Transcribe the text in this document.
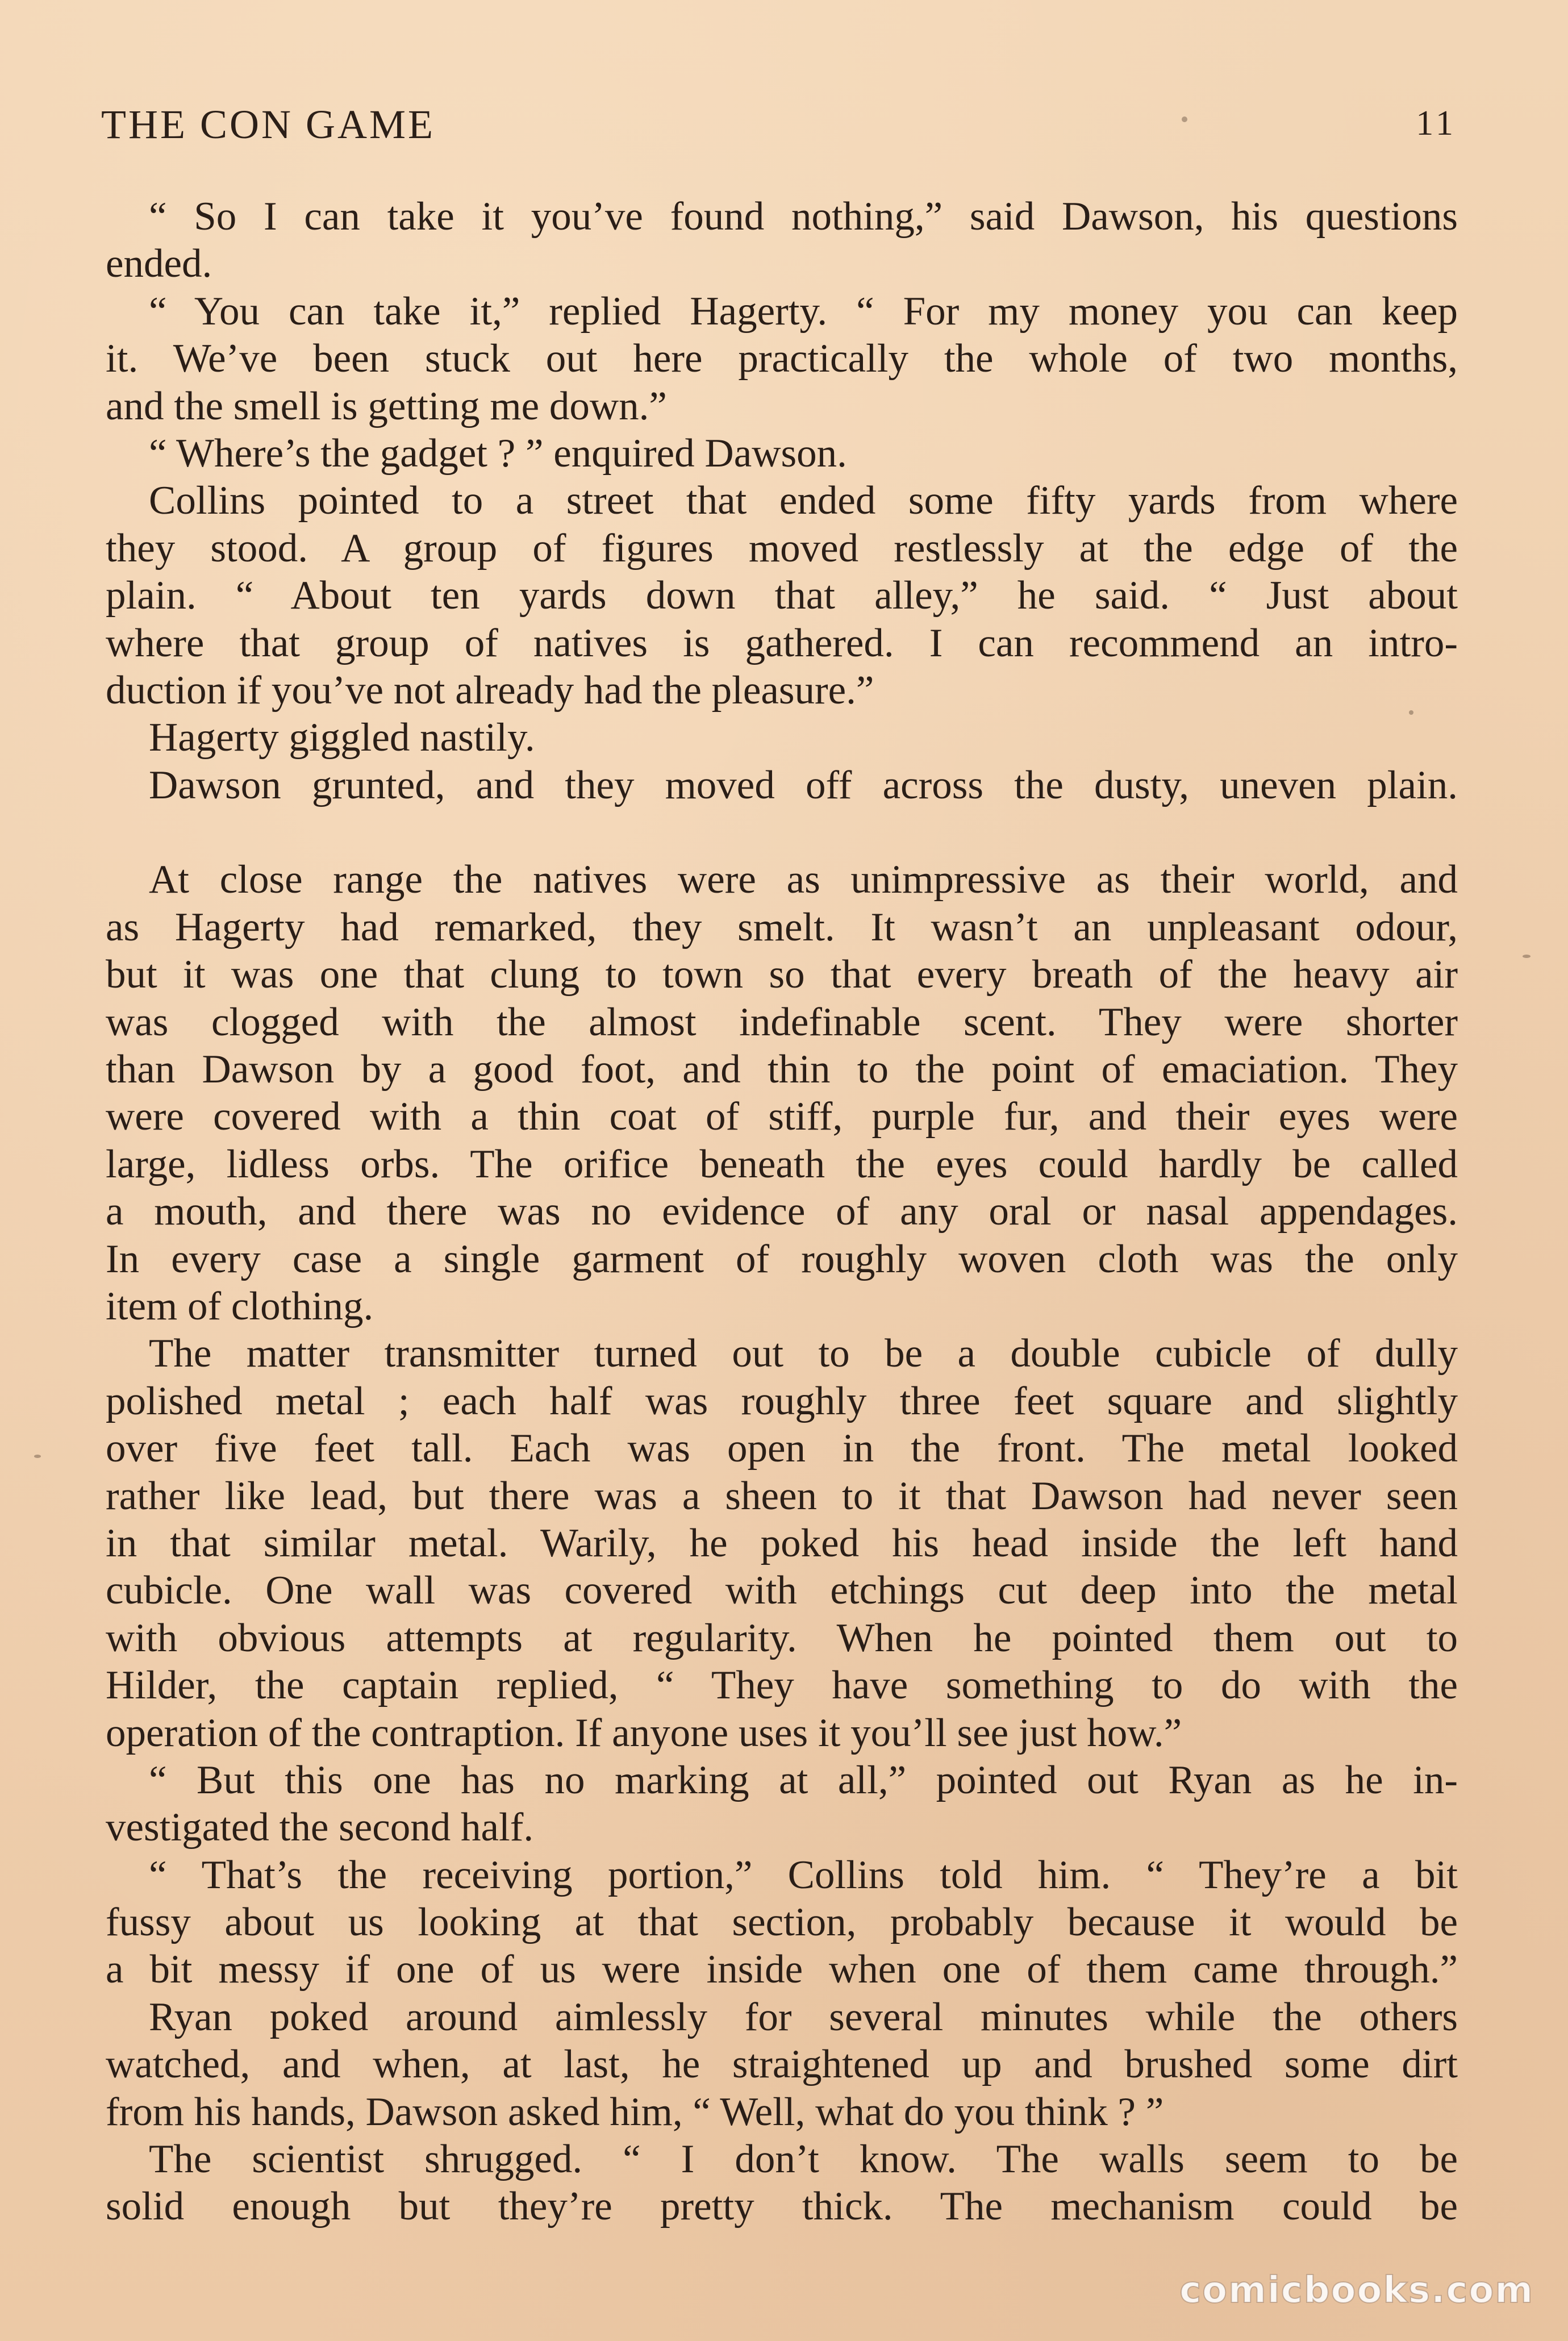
THE CON GAME	11
“ So I can take it you’ve found nothing,” said Dawson, his questions
ended.
“ You can take it,” replied Hagerty. “ For my money you can keep
it. We’ve been stuck out here practically the whole of two months,
and the smell is getting me down.”
“ Where’s the gadget ? ” enquired Dawson.
Collins pointed to a street that ended some fifty yards from where
they stood. A group of figures moved restlessly at the edge of the
plain. “ About ten yards down that alley,” he said. “ Just about
where that group of natives is gathered. I can recommend an intro-
duction if you’ve not already had the pleasure.”
Hagerty giggled nastily.
Dawson grunted, and they moved off across the dusty, uneven plain.
At close range the natives were as unimpressive as their world, and
as Hagerty had remarked, they smelt. It wasn’t an unpleasant odour,
but it was one that clung to town so that every breath of the heavy air
was clogged with the almost indefinable scent. They were shorter
than Dawson by a good foot, and thin to the point of emaciation. They
were covered with a thin coat of stiff, purple fur, and their eyes were
large, lidless orbs. The orifice beneath the eyes could hardly be called
a mouth, and there was no evidence of any oral or nasal appendages.
In every case a single garment of roughly woven cloth was the only
item of clothing.
The matter transmitter turned out to be a double cubicle of dully
polished metal ; each half was roughly three feet square and slightly
over five feet tall. Each was open in the front. The metal looked
rather like lead, but there was a sheen to it that Dawson had never seen
in that similar metal. Warily, he poked his head inside the left hand
cubicle. One wall was covered with etchings cut deep into the metal
with obvious attempts at regularity. When he pointed them out to
Hilder, the captain replied, “ They have something to do with the
operation of the contraption. If anyone uses it you’ll see just how.”
“ But this one has no marking at all,” pointed out Ryan as he in-
vestigated the second half.
“ That’s the receiving portion,” Collins told him. “ They’re a bit
fussy about us looking at that section, probably because it would be
a bit messy if one of us were inside when one of them came through.”
Ryan poked around aimlessly for several minutes while the others
watched, and when, at last, he straightened up and brushed some dirt
from his hands, Dawson asked him, “ Well, what do you think ? ”
The scientist shrugged. “ I don’t know. The walls seem to be
solid enough but they’re pretty thick. The mechanism could be
comicbooks.com
